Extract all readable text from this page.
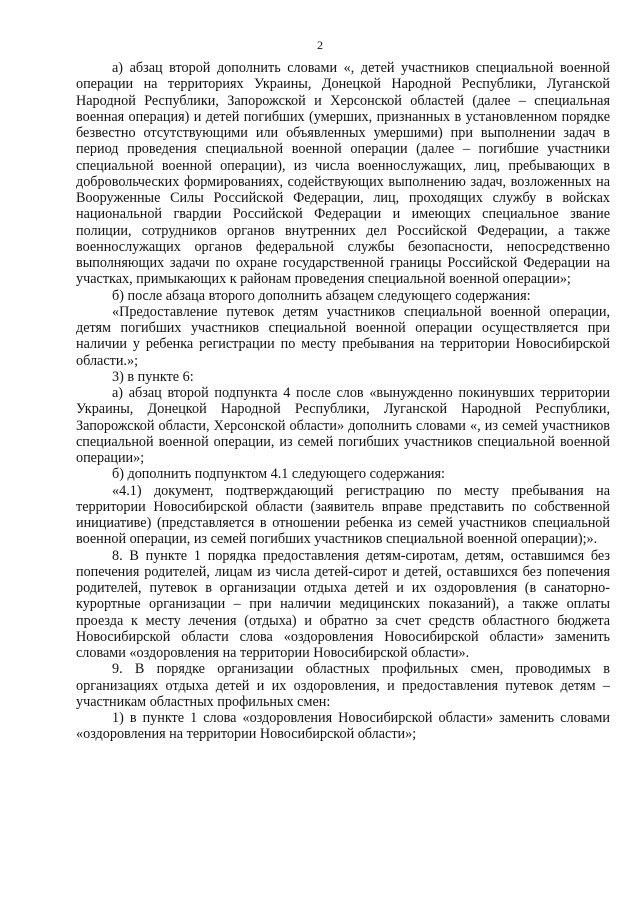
2

а) абзац второй дополнить словами «, детей участников специальной военной операции на территориях Украины, Донецкой Народной Республики, Луганской Народной Республики, Запорожской и Херсонской областей (далее – специальная военная операция) и детей погибших (умерших, признанных в установленном порядке безвестно отсутствующими или объявленных умершими) при выполнении задач в период проведения специальной военной операции (далее – погибшие участники специальной военной операции), из числа военнослужащих, лиц, пребывающих в добровольческих формированиях, содействующих выполнению задач, возложенных на Вооруженные Силы Российской Федерации, лиц, проходящих службу в войсках национальной гвардии Российской Федерации и имеющих специальное звание полиции, сотрудников органов внутренних дел Российской Федерации, а также военнослужащих органов федеральной службы безопасности, непосредственно выполняющих задачи по охране государственной границы Российской Федерации на участках, примыкающих к районам проведения специальной военной операции»;

б) после абзаца второго дополнить абзацем следующего содержания:

«Предоставление путевок детям участников специальной военной операции, детям погибших участников специальной военной операции осуществляется при наличии у ребенка регистрации по месту пребывания на территории Новосибирской области.»;

3) в пункте 6:

а) абзац второй подпункта 4 после слов «вынужденно покинувших территории Украины, Донецкой Народной Республики, Луганской Народной Республики, Запорожской области, Херсонской области» дополнить словами «, из семей участников специальной военной операции, из семей погибших участников специальной военной операции»;

б) дополнить подпунктом 4.1 следующего содержания:

«4.1) документ, подтверждающий регистрацию по месту пребывания на территории Новосибирской области (заявитель вправе представить по собственной инициативе) (представляется в отношении ребенка из семей участников специальной военной операции, из семей погибших участников специальной военной операции);».

8. В пункте 1 порядка предоставления детям-сиротам, детям, оставшимся без попечения родителей, лицам из числа детей-сирот и детей, оставшихся без попечения родителей, путевок в организации отдыха детей и их оздоровления (в санаторно-курортные организации – при наличии медицинских показаний), а также оплаты проезда к месту лечения (отдыха) и обратно за счет средств областного бюджета Новосибирской области слова «оздоровления Новосибирской области» заменить словами «оздоровления на территории Новосибирской области».

9. В порядке организации областных профильных смен, проводимых в организациях отдыха детей и их оздоровления, и предоставления путевок детям – участникам областных профильных смен:

1) в пункте 1 слова «оздоровления Новосибирской области» заменить словами «оздоровления на территории Новосибирской области»;
